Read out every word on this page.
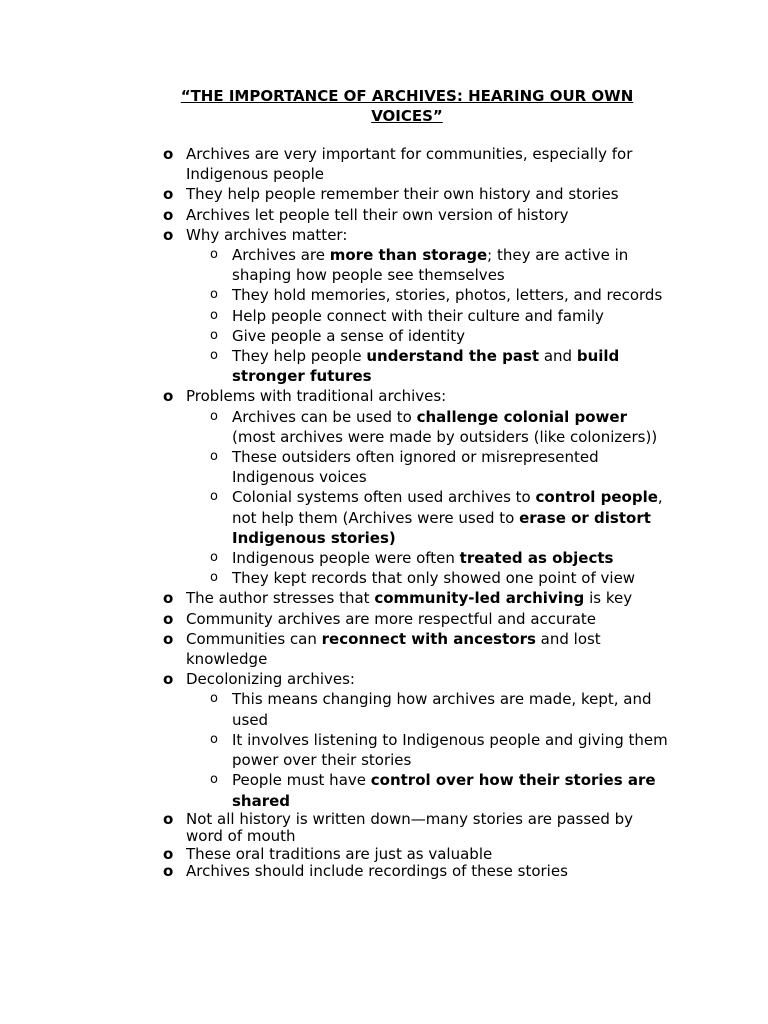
“THE IMPORTANCE OF ARCHIVES: HEARING OUR OWN VOICES”
o Archives are very important for communities, especially for Indigenous people
o They help people remember their own history and stories
o Archives let people tell their own version of history
o Why archives matter:
o Archives are more than storage; they are active in shaping how people see themselves
o They hold memories, stories, photos, letters, and records
o Help people connect with their culture and family
o Give people a sense of identity
o They help people understand the past and build stronger futures
o Problems with traditional archives:
o Archives can be used to challenge colonial power (most archives were made by outsiders (like colonizers))
o These outsiders often ignored or misrepresented Indigenous voices
o Colonial systems often used archives to control people, not help them (Archives were used to erase or distort Indigenous stories)
o Indigenous people were often treated as objects
o They kept records that only showed one point of view
o The author stresses that community-led archiving is key
o Community archives are more respectful and accurate
o Communities can reconnect with ancestors and lost knowledge
o Decolonizing archives:
o This means changing how archives are made, kept, and used
o It involves listening to Indigenous people and giving them power over their stories
o People must have control over how their stories are shared
o Not all history is written down—many stories are passed by word of mouth
o These oral traditions are just as valuable
o Archives should include recordings of these stories
